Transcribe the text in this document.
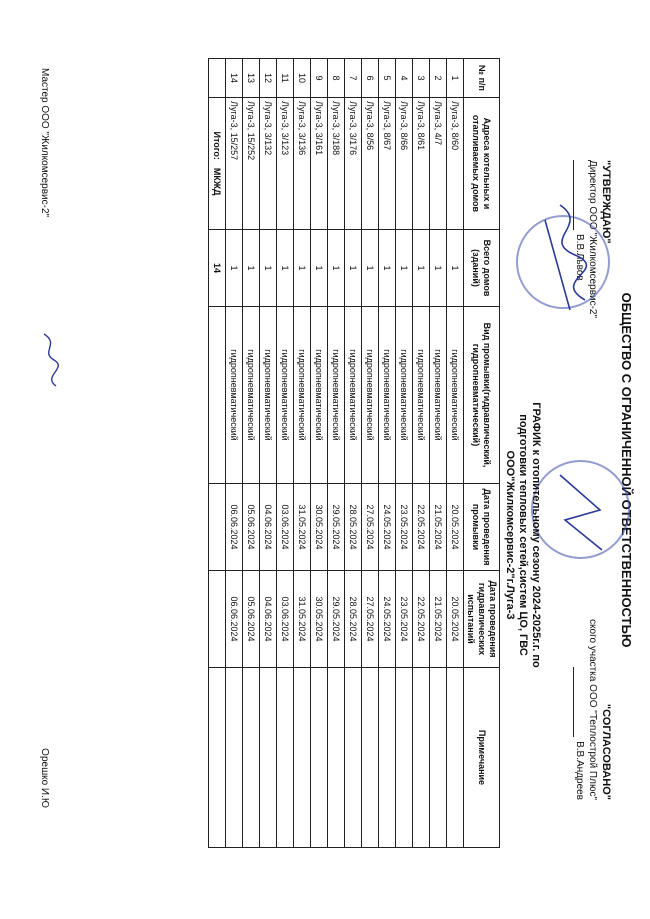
ОБЩЕСТВО С ОГРАНИЧЕННОЙ ОТВЕТСТВЕННОСТЬЮ
"УТВЕРЖДАЮ"
Директор ООО "Жилкомсервис-2"
В.В.Львов
"СОГЛАСОВАНО"
ского участка ООО "Теплострой Плюс"
В.В.Андреев
ГРАФИК к отопительному сезону 2024-2025г.г. по
подготовки тепловых сетей,систем ЦО, ГВС
ООО"Жилкомсервис-2"г.Луга-3
№ п/п	Адреса котельных и отапливаемых домов	Всего домов (зданий)	Вид промывки(гидравлический, гидропневматический)	Дата проведения промывки	Дата проведения гидравлических испытаний	Примечание
1	Луга-3, 8/60	1	гидропневматический	20.05.2024	20.05.2024	
2	Луга-3, 4/7	1	гидропневматический	21.05.2024	21.05.2024	
3	Луга-3, 8/61	1	гидропневматический	22.05.2024	22.05.2024	
4	Луга-3, 8/66	1	гидропневматический	23.05.2024	23.05.2024	
5	Луга-3, 8/67	1	гидропневматический	24.05.2024	24.05.2024	
6	Луга-3, 8/56	1	гидропневматический	27.05.2024	27.05.2024	
7	Луга-3, 3/176	1	гидропневматический	28.05.2024	28.05.2024	
8	Луга-3, 3/188	1	гидропневматический	29.05.2024	29.05.2024	
9	Луга-3, 3/161	1	гидропневматический	30.05.2024	30.05.2024	
10	Луга-3, 3/136	1	гидропневматический	31.05.2024	31.05.2024	
11	Луга-3, 3/123	1	гидропневматический	03.06.2024	03.06.2024	
12	Луга-3, 3/132	1	гидропневматический	04.06.2024	04.06.2024	
13	Луга-3, 15/252	1	гидропневматический	05.06.2024	05.06.2024	
14	Луга-3, 15/257	1	гидропневматический	06.06.2024	06.06.2024	
	Итого:МКЖД	14				
Мастер ООО "Жилкомсервис-2"
Орешко И.Ю
